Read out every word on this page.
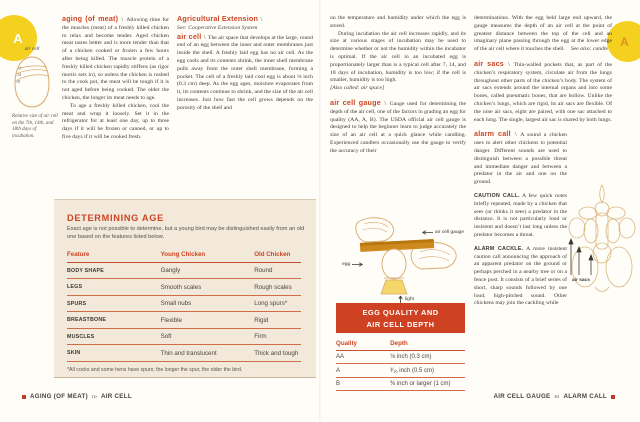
A	A
air cell
7
14
18
Relative size of air cell on the 7th, 14th, and 18th days of incubation.

aging (of meat) \ Allowing time for the muscles (meat) of a freshly killed chicken to relax and become tender. Aged chicken meat tastes better and is more tender than that of a chicken cooked or frozen a few hours after being killed. The muscle protein of a freshly killed chicken rapidly stiffens (as rigor mortis sets in), so unless the chicken is rushed to the cook pot, the meat will be tough if it is not aged before being cooked. The older the chicken, the longer its meat needs to age.

To age a freshly killed chicken, cool the meat and wrap it loosely. Set it in the refrigerator for at least one day, up to three days if it will be frozen or canned, or up to five days if it will be cooked fresh.

Agricultural Extension \

See: Cooperative Extension System

air cell \ The air space that develops at the large, round end of an egg between the inner and outer membranes just inside the shell. A freshly laid egg has no air cell. As the egg cools and its contents shrink, the inner shell membrane pulls away from the outer shell membrane, forming a pocket. The cell of a freshly laid cool egg is about ⅛ inch (0.3 cm) deep. As the egg ages, moisture evaporates from it, its contents continue to shrink, and the size of the air cell increases. Just how fast the cell grows depends on the porosity of the shell and

DETERMINING AGE
Exact age is not possible to determine, but a young bird may be distinguished easily from an old one based on the features listed below.
Feature	Young Chicken	Old Chicken
BODY SHAPE	Gangly	Round
LEGS	Smooth scales	Rough scales
SPURS	Small nubs	Long spurs*
BREASTBONE	Flexible	Rigid
MUSCLES	Soft	Firm
SKIN	Thin and translucent	Thick and tough
*All cocks and some hens have spurs; the longer the spur, the older the bird.
AGING (OF MEAT) to AIR CELL

on the temperature and humidity under which the egg is stored.

During incubation the air cell increases rapidly, and its size at various stages of incubation may be used to determine whether or not the humidity within the incubator is optimal. If the air cell in an incubated egg is proportionately larger than is a typical cell after 7, 14, and 18 days of incubation, humidity is too low; if the cell is smaller, humidity is too high.

[Also called: air space]

air cell gauge \ Gauge used for determining the depth of the air cell, one of the factors in grading an egg for quality (AA, A, B). The USDA official air cell gauge is designed to help the beginner learn to judge accurately the size of an air cell at a quick glance while candling. Experienced candlers occasionally use the gauge to verify the accuracy of their

air cell gauge
egg
light
EGG QUALITY AND
AIR CELL DEPTH
Quality	Depth
AA	⅛ inch (0.3 cm)
A	³⁄₁₆ inch (0.5 cm)
B	⅜ inch or larger (1 cm)

determinations. With the egg held large end upward, the gauge measures the depth of an air cell at the point of greatest distance between the top of the cell and an imaginary plane passing through the egg at the lower edge of the air cell where it touches the shell. See also: candle

air sacs \ Thin-walled pockets that, as part of the chicken’s respiratory system, circulate air from the lungs throughout other parts of the chicken’s body. The system of air sacs extends around the internal organs and into some bones, called pneumatic bones, that are hollow. Unlike the chicken’s lungs, which are rigid, its air sacs are flexible. Of the nine air sacs, eight are paired, with one sac attached to each lung. The single, largest air sac is shared by both lungs.

alarm call \ A sound a chicken uses to alert other chickens to potential danger. Different sounds are used to distinguish between a possible threat and immediate danger and between a predator in the air and one on the ground.

CAUTION CALL. A few quick notes briefly repeated, made by a chicken that sees (or thinks it sees) a predator in the distance. It is not particularly loud or insistent and doesn’t last long unless the predator becomes a threat.

ALARM CACKLE. A more insistent caution call announcing the approach of an apparent predator on the ground or perhaps perched in a nearby tree or on a fence post. It consists of a brief series of short, sharp sounds followed by one loud, high-pitched sound. Other chickens may join the cackling while

air sacs
AIR CELL GAUGE to ALARM CALL
